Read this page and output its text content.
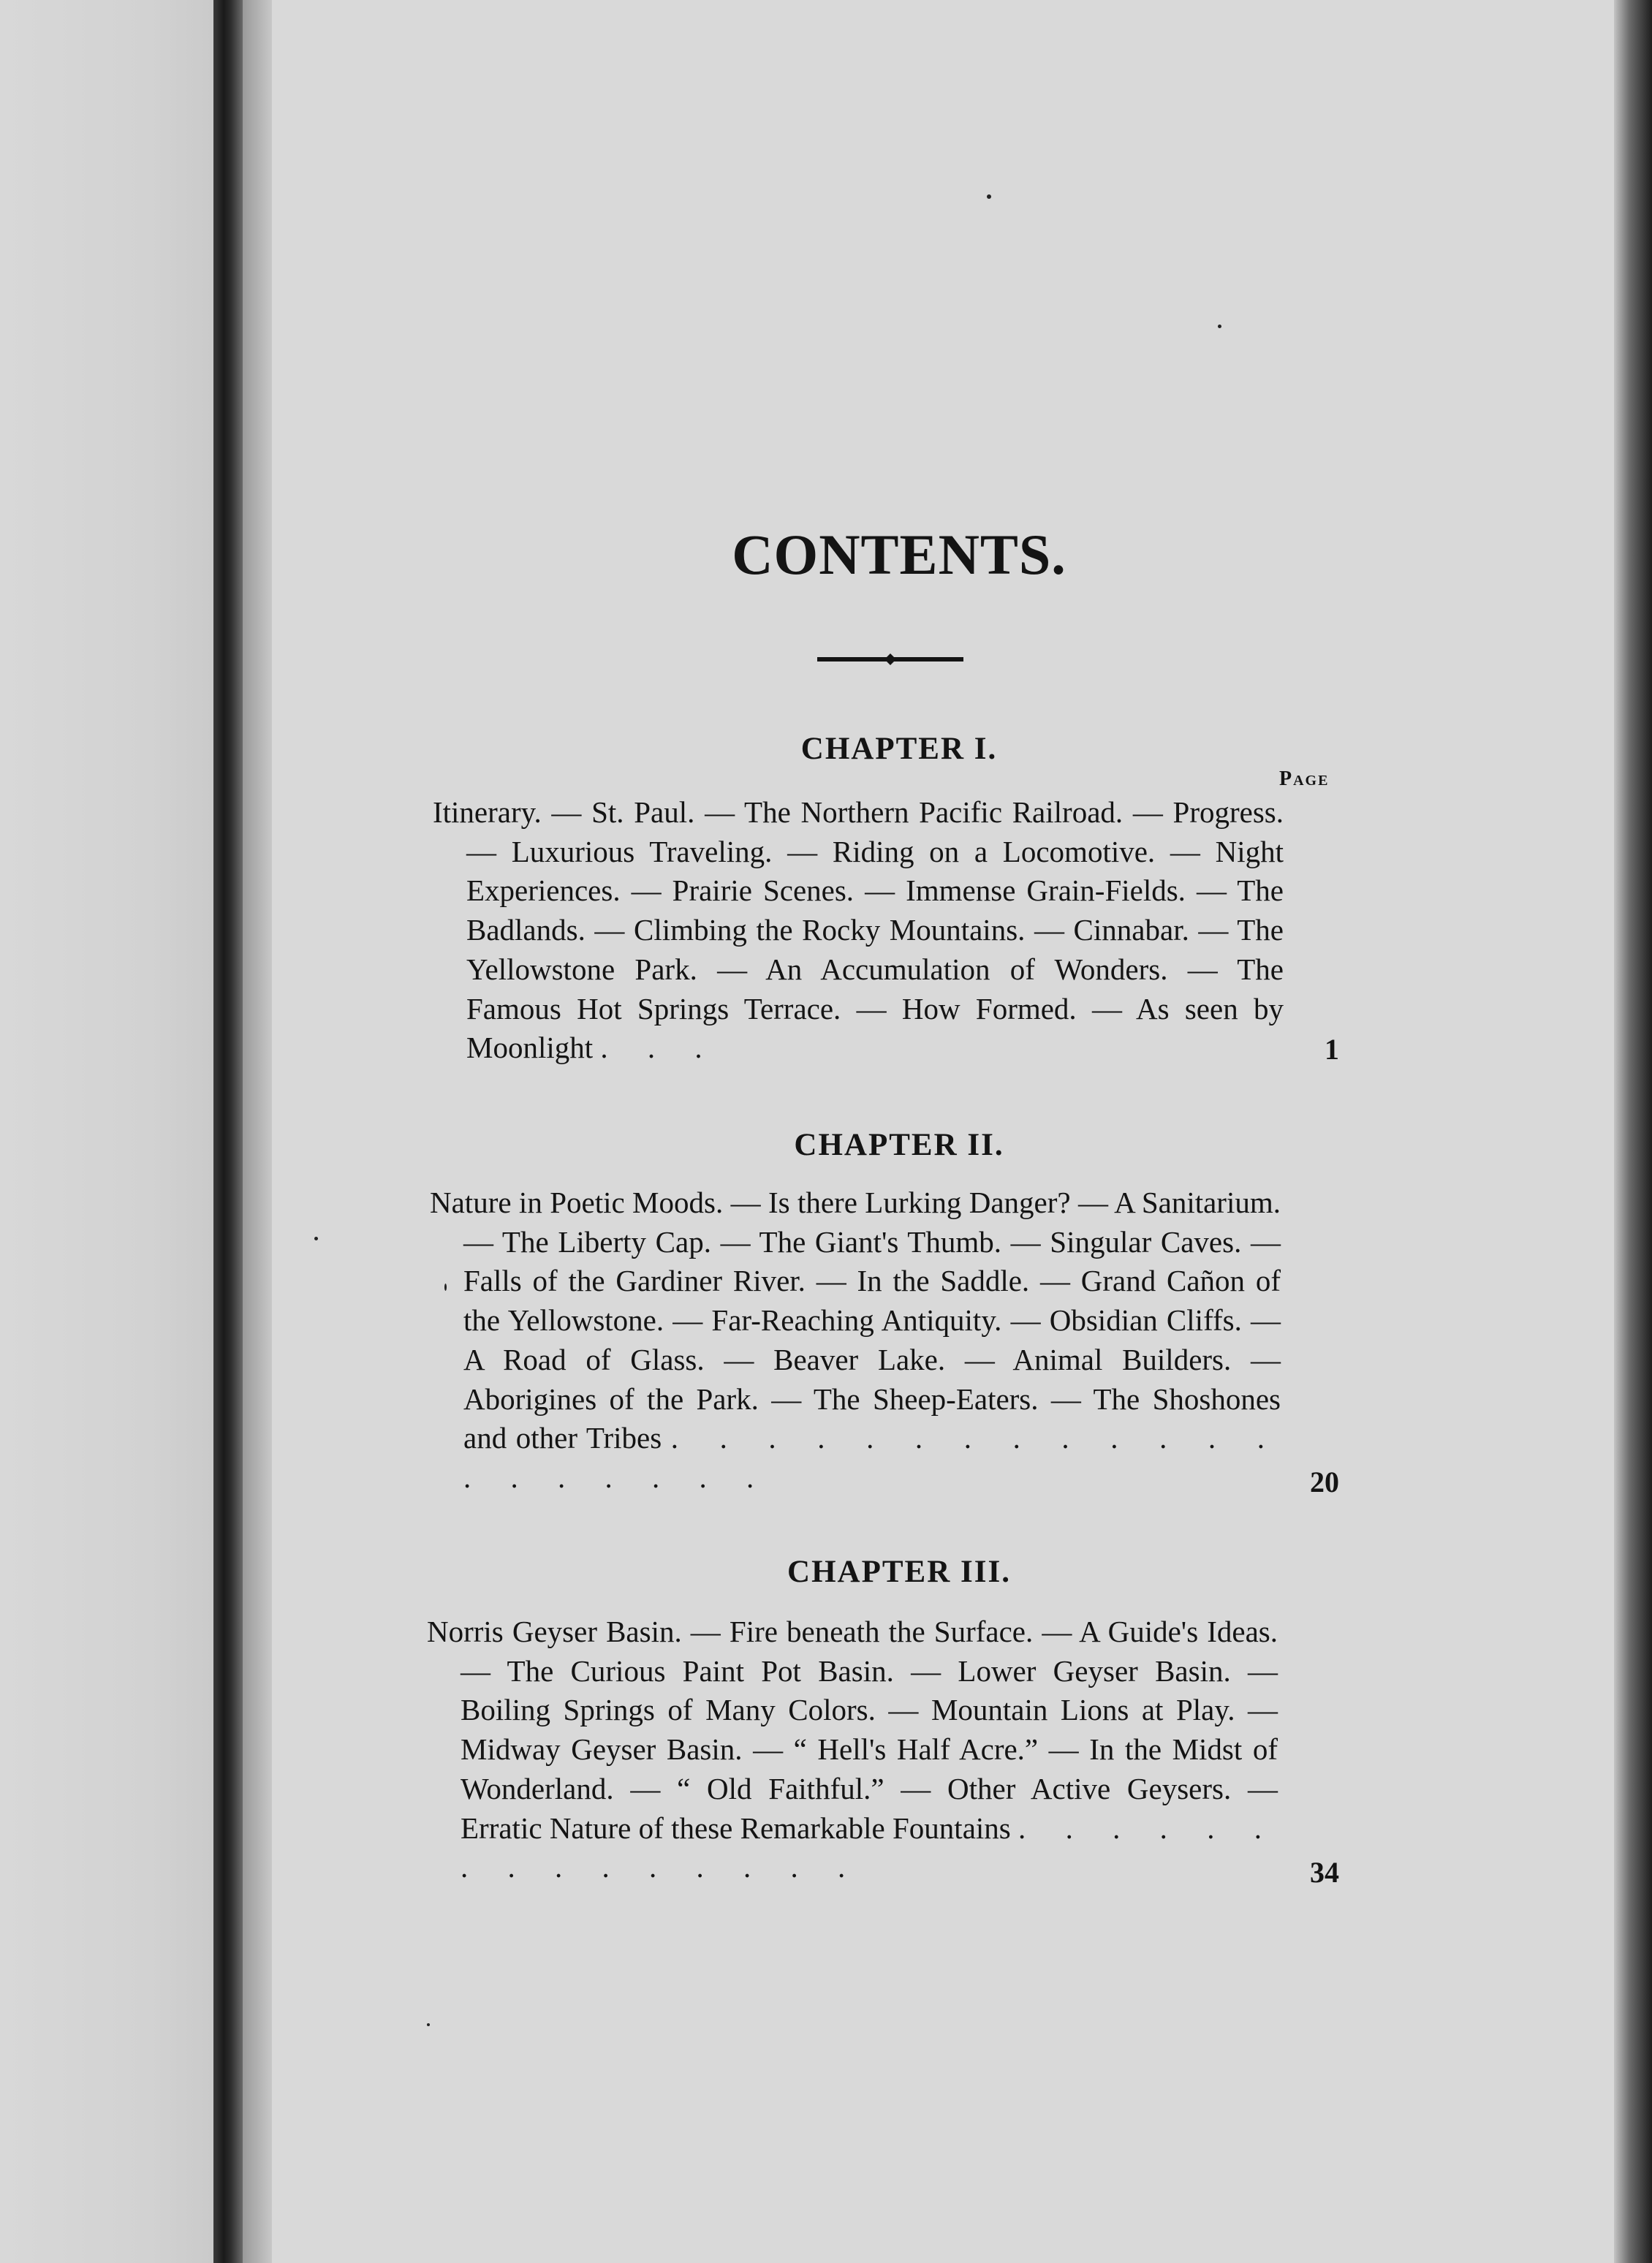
CONTENTS.
Page
CHAPTER I.

Itinerary. — St. Paul. — The Northern Pacific Railroad. — Progress. — Luxurious Traveling. — Riding on a Locomotive. — Night Experiences. — Prairie Scenes. — Immense Grain-Fields. — The Badlands. — Climbing the Rocky Mountains. — Cinnabar. — The Yellowstone Park. — An Accumulation of Wonders. — The Famous Hot Springs Terrace. — How Formed. — As seen by Moonlight . . .	1
CHAPTER II.

Nature in Poetic Moods. — Is there Lurking Danger? — A Sanitarium. — The Liberty Cap. — The Giant's Thumb. — Singular Caves. — Falls of the Gardiner River. — In the Saddle. — Grand Cañon of the Yellowstone. — Far-Reaching Antiquity. — Obsidian Cliffs. — A Road of Glass. — Beaver Lake. — Animal Builders. — Aborigines of the Park. — The Sheep-Eaters. — The Shoshones and other Tribes . . . . . . . . . . . . . . . . . . . .	20
CHAPTER III.

Norris Geyser Basin. — Fire beneath the Surface. — A Guide's Ideas. — The Curious Paint Pot Basin. — Lower Geyser Basin. — Boiling Springs of Many Colors. — Mountain Lions at Play. — Midway Geyser Basin. — “ Hell's Half Acre.” — In the Midst of Wonderland. — “ Old Faithful.” — Other Active Geysers. — Erratic Nature of these Remarkable Fountains . . . . . . . . . . . . . . .	34
